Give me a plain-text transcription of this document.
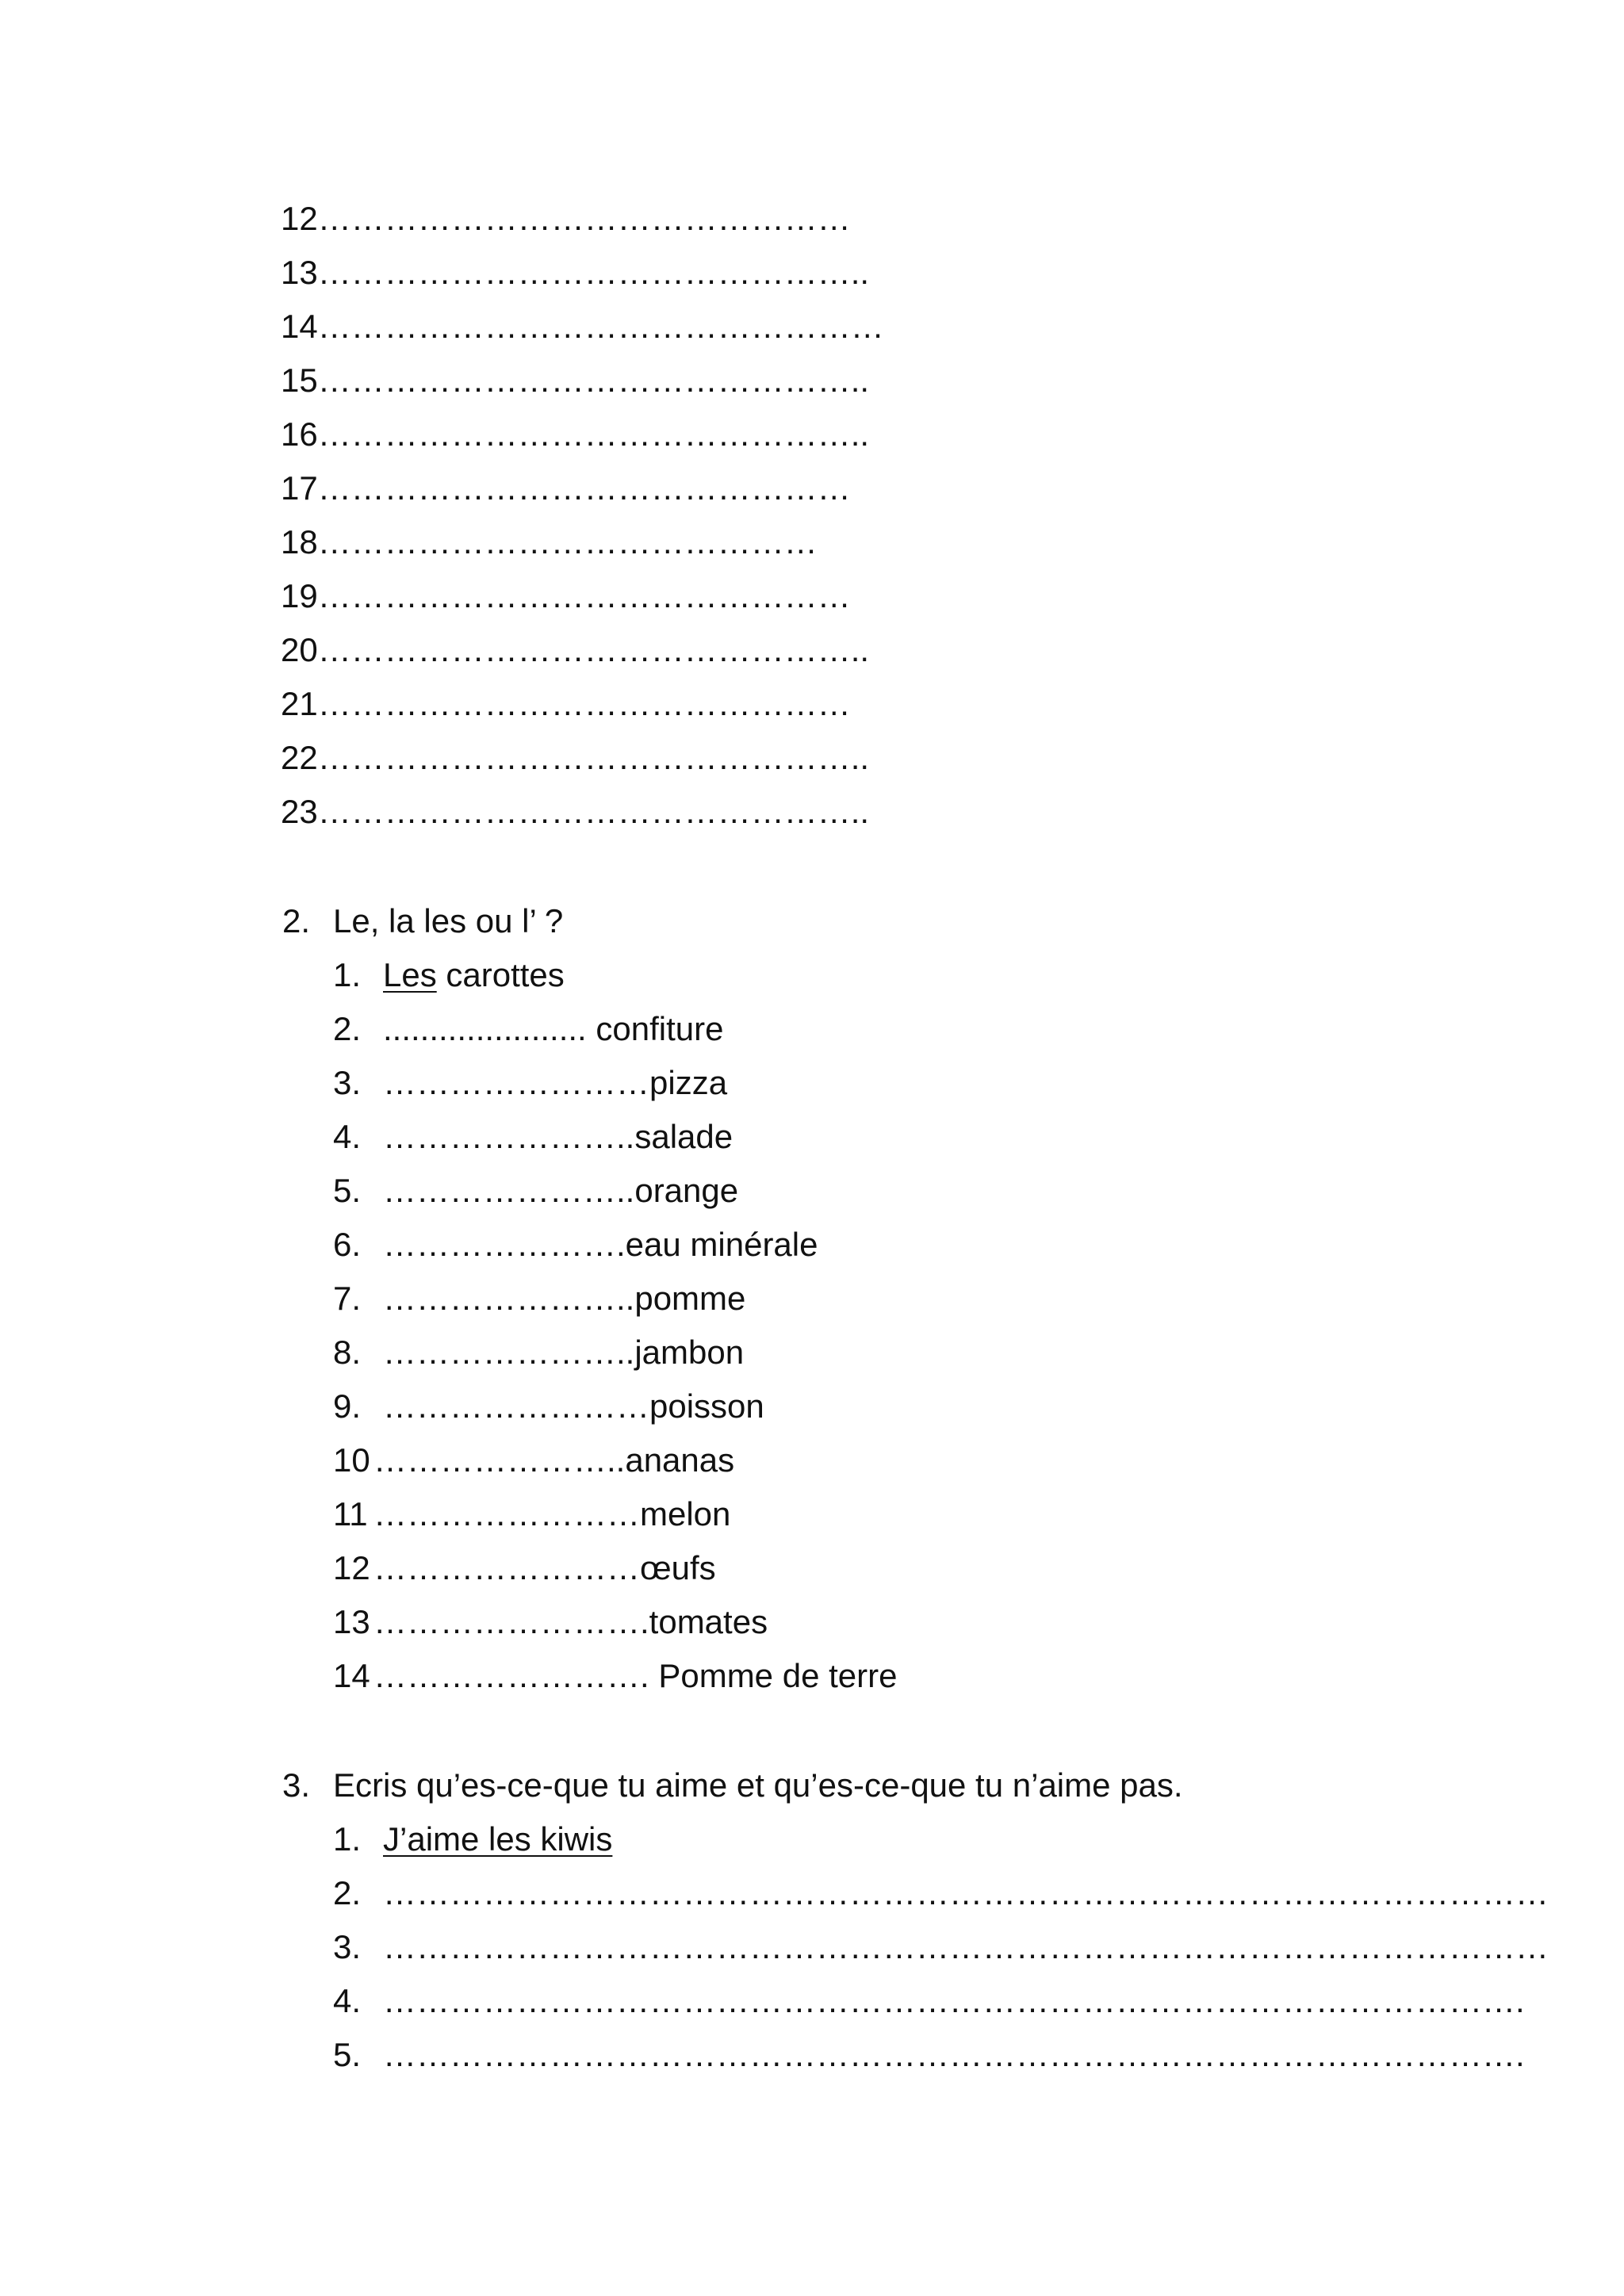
12…………………………………………
13…………………………………………..
14……………………………………………
15…………………………………………..
16…………………………………………..
17…………………………………………
18………………………………………
19…………………………………………
20…………………………………………..
21…………………………………………
22…………………………………………..
23…………………………………………..
2. Le, la les ou l’ ?
1. Les carottes
2. ...................... confiture
3. ……………………pizza
4. …………………..salade
5. …………………..orange
6. ………………….eau minérale
7. …………………..pomme
8. …………………..jambon
9. ……………………poisson
10 …………………..ananas
11 ……………………melon
12 ……………………œufs
13 …………………….tomates
14 ……………………. Pomme de terre
3. Ecris qu’es-ce-que tu aime et qu’es-ce-que tu n’aime pas.
1. J’aime les kiwis
2. ……………………………………………………………………………………………
3. ……………………………………………………………………………………………
4. ………………………………………………………………………………………….
5. ………………………………………………………………………………………….
